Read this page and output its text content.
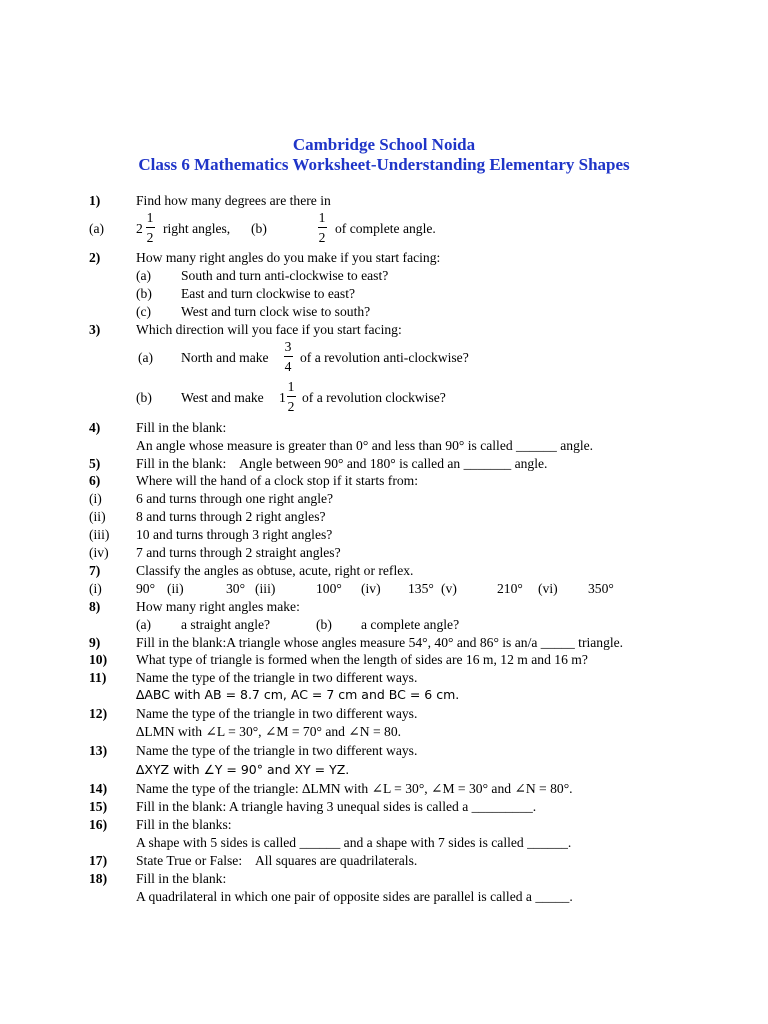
Cambridge School Noida
Class 6 Mathematics Worksheet-Understanding Elementary Shapes
1)	Find how many degrees are there in
(a) 2
1
2
right angles, (b)
1
2
of complete angle.
2)	How many right angles do you make if you start facing:
(a) South and turn anti-clockwise to east?
(b) East and turn clockwise to east?
(c) West and turn clock wise to south?
3)	Which direction will you face if you start facing:
(a) North and make
3
4
of a revolution anti-clockwise?
(b) West and make 1
1
2
of a revolution clockwise?
4)	Fill in the blank:
An angle whose measure is greater than 0° and less than 90° is called ______ angle.
5)	Fill in the blank:    Angle between 90° and 180° is called an _______ angle.
6)	Where will the hand of a clock stop if it starts from:
(i)	6 and turns through one right angle?
(ii) 8 and turns through 2 right angles?
(iii) 10 and turns through 3 right angles?
(iv) 7 and turns through 2 straight angles?
7)	Classify the angles as obtuse, acute, right or reflex.
(i)	90° (ii)	30° (iii)	100° (iv) 135° (v)	210° (vi) 350°
8)	How many right angles make:
(a) a straight angle?	(b) a complete angle?
9)	Fill in the blank:A triangle whose angles measure 54°, 40° and 86° is an/a _____ triangle.
10) What type of triangle is formed when the length of sides are 16 m, 12 m and 16 m?
11) Name the type of the triangle in two different ways.
∆ABC with AB = 8.7 cm, AC = 7 cm and BC = 6 cm.
12) Name the type of the triangle in two different ways.
∆LMN with ∠L = 30°, ∠M = 70° and ∠N = 80.
13) Name the type of the triangle in two different ways.
∆XYZ with ∠Y = 90° and XY = YZ.
14) Name the type of the triangle: ∆LMN with ∠L = 30°, ∠M = 30° and ∠N = 80°.
15) Fill in the blank: A triangle having 3 unequal sides is called a _________.
16) Fill in the blanks:
A shape with 5 sides is called ______ and a shape with 7 sides is called ______.
17) State True or False:    All squares are quadrilaterals.
18) Fill in the blank:
A quadrilateral in which one pair of opposite sides are parallel is called a _____.
